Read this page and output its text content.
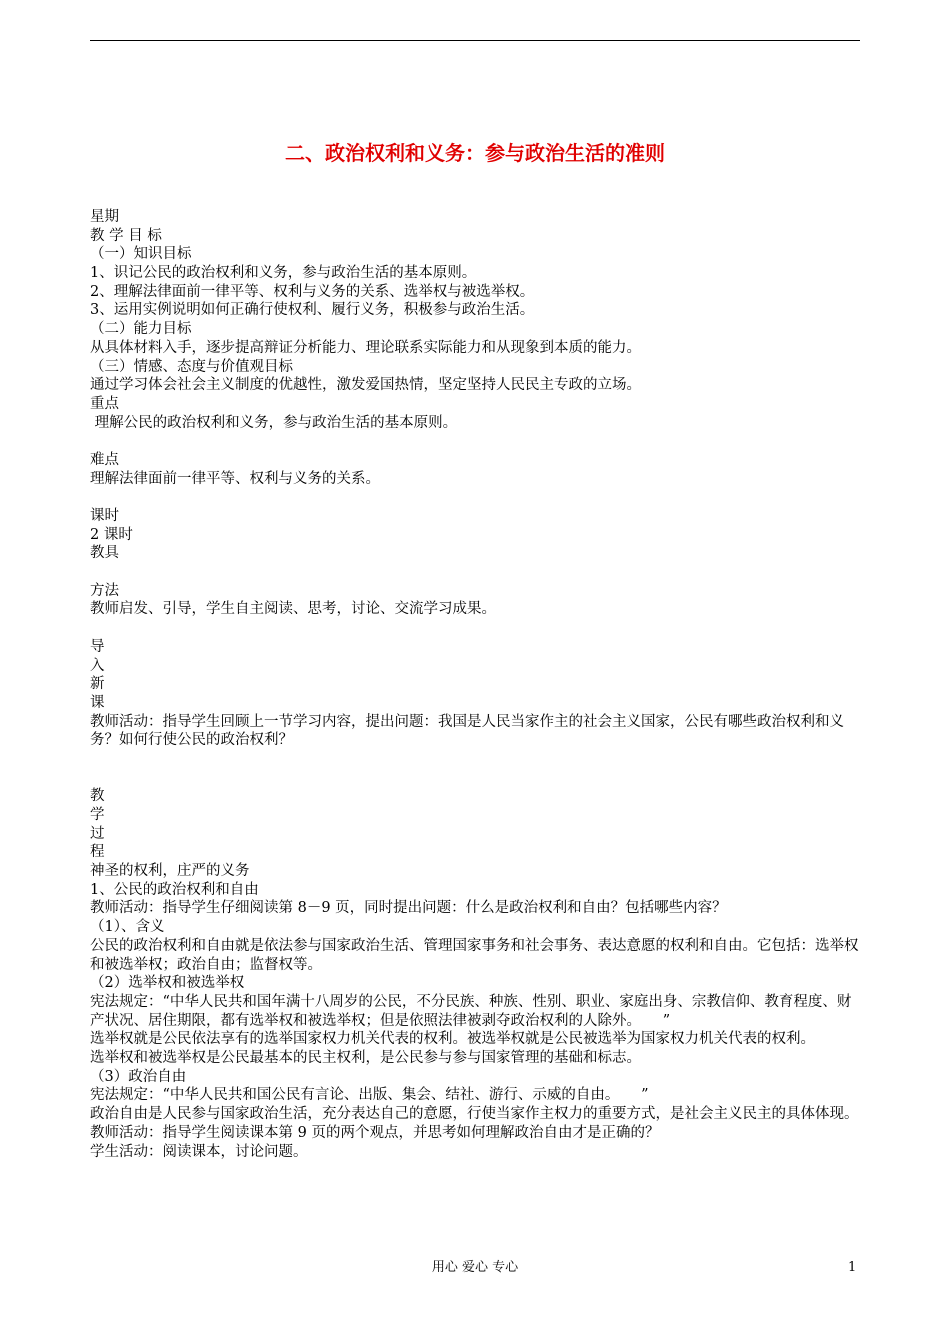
二、政治权利和义务：参与政治生活的准则
星期
教 学 目 标
（一）知识目标
1、识记公民的政治权利和义务，参与政治生活的基本原则。
2、理解法律面前一律平等、权利与义务的关系、选举权与被选举权。
3、运用实例说明如何正确行使权利、履行义务，积极参与政治生活。
（二）能力目标
从具体材料入手，逐步提高辩证分析能力、理论联系实际能力和从现象到本质的能力。
（三）情感、态度与价值观目标
通过学习体会社会主义制度的优越性，激发爱国热情，坚定坚持人民民主专政的立场。
重点
理解公民的政治权利和义务，参与政治生活的基本原则。
难点
理解法律面前一律平等、权利与义务的关系。
课时
2 课时
教具
方法
教师启发、引导，学生自主阅读、思考，讨论、交流学习成果。
导
入
新
课
教师活动：指导学生回顾上一节学习内容，提出问题：我国是人民当家作主的社会主义国家，公民有哪些政治权利和义务？如何行使公民的政治权利？
教
学
过
程
神圣的权利，庄严的义务
1、公民的政治权利和自由
教师活动：指导学生仔细阅读第 8－9 页，同时提出问题：什么是政治权利和自由？包括哪些内容？
（1）、含义
公民的政治权利和自由就是依法参与国家政治生活、管理国家事务和社会事务、表达意愿的权利和自由。它包括：选举权和被选举权；政治自由；监督权等。
（2）选举权和被选举权
宪法规定：“中华人民共和国年满十八周岁的公民，不分民族、种族、性别、职业、家庭出身、宗教信仰、教育程度、财产状况、居住期限，都有选举权和被选举权；但是依照法律被剥夺政治权利的人除外。　　”
选举权就是公民依法享有的选举国家权力机关代表的权利。被选举权就是公民被选举为国家权力机关代表的权利。
选举权和被选举权是公民最基本的民主权利，是公民参与参与国家管理的基础和标志。
（3）政治自由
宪法规定：“中华人民共和国公民有言论、出版、集会、结社、游行、示威的自由。　　”
政治自由是人民参与国家政治生活，充分表达自己的意愿，行使当家作主权力的重要方式，是社会主义民主的具体体现。
教师活动：指导学生阅读课本第 9 页的两个观点，并思考如何理解政治自由才是正确的？
学生活动：阅读课本，讨论问题。
用心 爱心 专心	1
